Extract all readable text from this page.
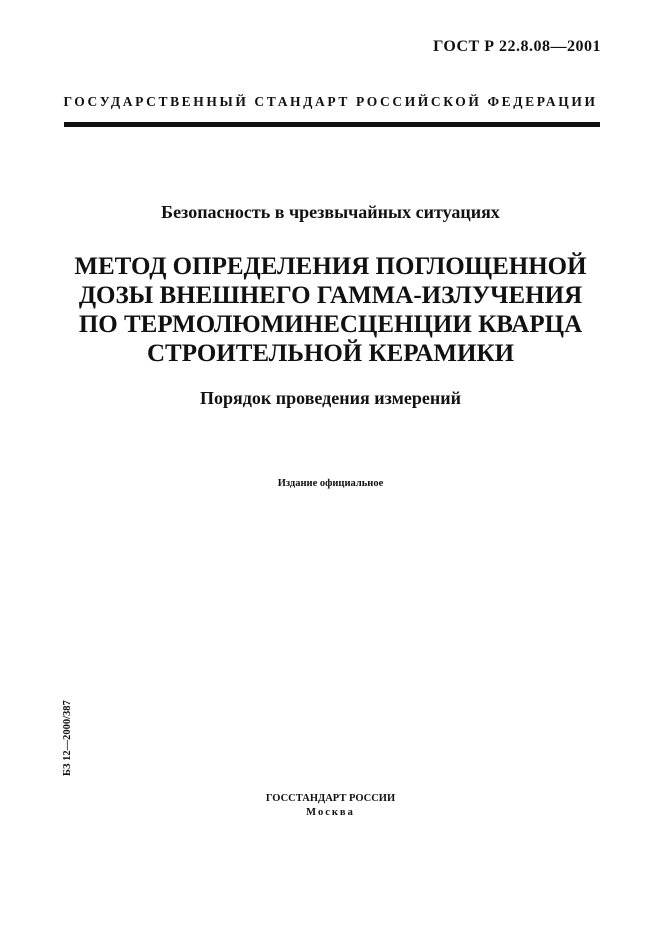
ГОСТ Р 22.8.08—2001
ГОСУДАРСТВЕННЫЙ СТАНДАРТ РОССИЙСКОЙ ФЕДЕРАЦИИ
Безопасность в чрезвычайных ситуациях
МЕТОД ОПРЕДЕЛЕНИЯ ПОГЛОЩЕННОЙ
ДОЗЫ ВНЕШНЕГО ГАММА-ИЗЛУЧЕНИЯ
ПО ТЕРМОЛЮМИНЕСЦЕНЦИИ КВАРЦА
СТРОИТЕЛЬНОЙ КЕРАМИКИ
Порядок проведения измерений
Издание официальное
БЗ 12—2000/387
ГОССТАНДАРТ РОССИИ
Москва
